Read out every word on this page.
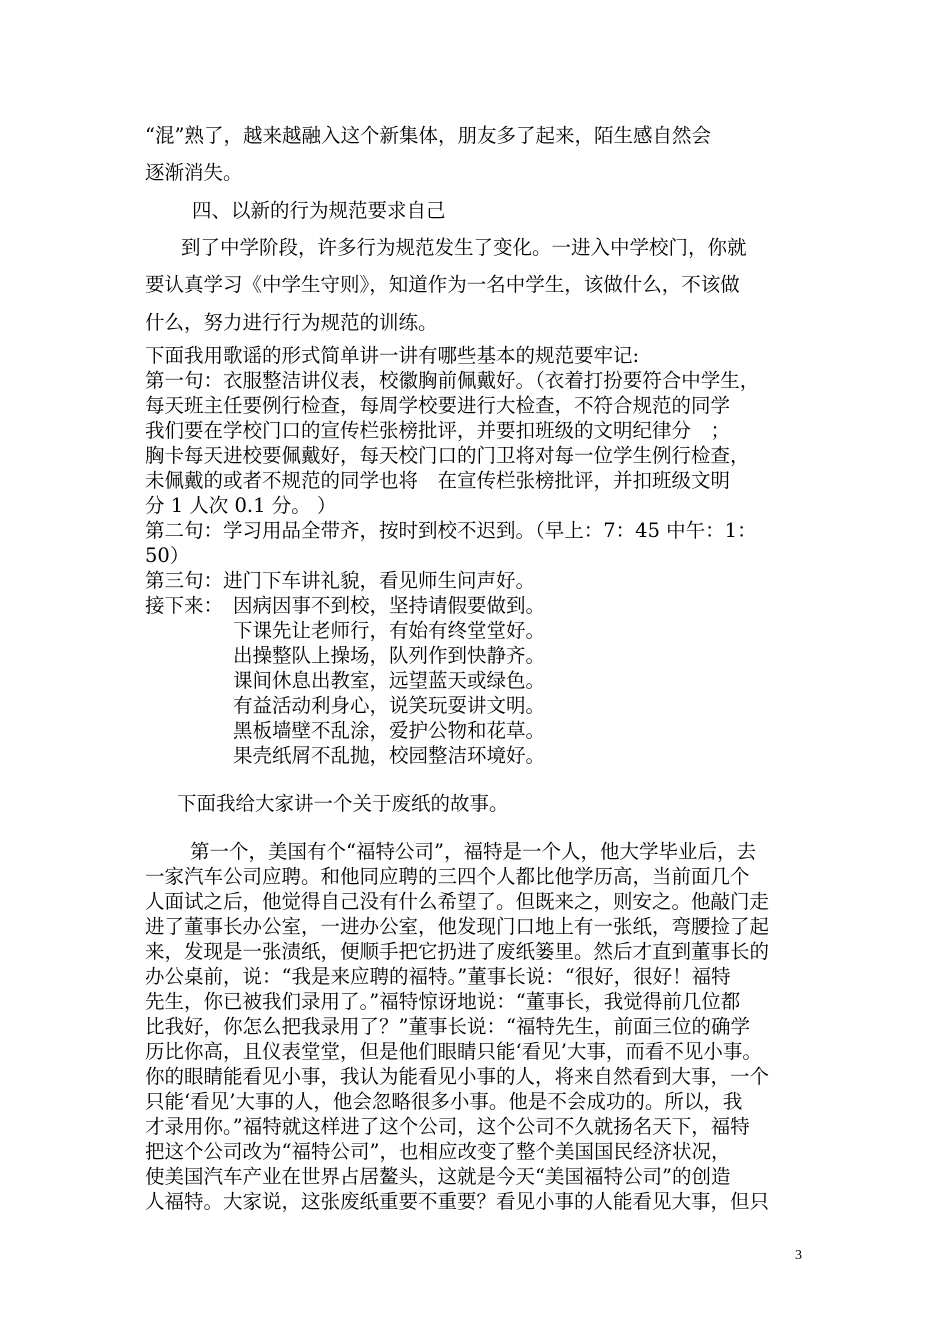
“混”熟了，越来越融入这个新集体，朋友多了起来，陌生感自然会
逐渐消失。
四、以新的行为规范要求自己
到了中学阶段，许多行为规范发生了变化。一进入中学校门，你就
要认真学习《中学生守则》，知道作为一名中学生，该做什么，不该做
什么，努力进行行为规范的训练。
下面我用歌谣的形式简单讲一讲有哪些基本的规范要牢记:
第一句：衣服整洁讲仪表，校徽胸前佩戴好。（衣着打扮要符合中学生，
每天班主任要例行检查，每周学校要进行大检查，不符合规范的同学
我们要在学校门口的宣传栏张榜批评，并要扣班级的文明纪律分　；
胸卡每天进校要佩戴好，每天校门口的门卫将对每一位学生例行检查，
未佩戴的或者不规范的同学也将　在宣传栏张榜批评，并扣班级文明
分 1 人次 0.1 分。 ）
第二句：学习用品全带齐，按时到校不迟到。（早上：7：45 中午：1：
50）
第三句：进门下车讲礼貌，看见师生问声好。
接下来： 因病因事不到校，坚持请假要做到。
下课先让老师行，有始有终堂堂好。
出操整队上操场，队列作到快静齐。
课间休息出教室，远望蓝天或绿色。
有益活动利身心，说笑玩耍讲文明。
黑板墙壁不乱涂，爱护公物和花草。
果壳纸屑不乱抛，校园整洁环境好。
下面我给大家讲一个关于废纸的故事。
第一个，美国有个“福特公司”，福特是一个人，他大学毕业后，去
一家汽车公司应聘。和他同应聘的三四个人都比他学历高，当前面几个
人面试之后，他觉得自己没有什么希望了。但既来之，则安之。他敲门走
进了董事长办公室，一进办公室，他发现门口地上有一张纸，弯腰捡了起
来，发现是一张渍纸，便顺手把它扔进了废纸篓里。然后才直到董事长的
办公桌前，说：“我是来应聘的福特。”董事长说：“很好，很好！福特
先生，你已被我们录用了。”福特惊讶地说：“董事长，我觉得前几位都
比我好，你怎么把我录用了？”董事长说：“福特先生，前面三位的确学
历比你高，且仪表堂堂，但是他们眼睛只能‘看见’大事，而看不见小事。
你的眼睛能看见小事，我认为能看见小事的人，将来自然看到大事，一个
只能‘看见’大事的人，他会忽略很多小事。他是不会成功的。所以，我
才录用你。”福特就这样进了这个公司，这个公司不久就扬名天下，福特
把这个公司改为“福特公司”，也相应改变了整个美国国民经济状况，
使美国汽车产业在世界占居鳌头，这就是今天“美国福特公司”的创造
人福特。大家说，这张废纸重要不重要？看见小事的人能看见大事，但只
3
